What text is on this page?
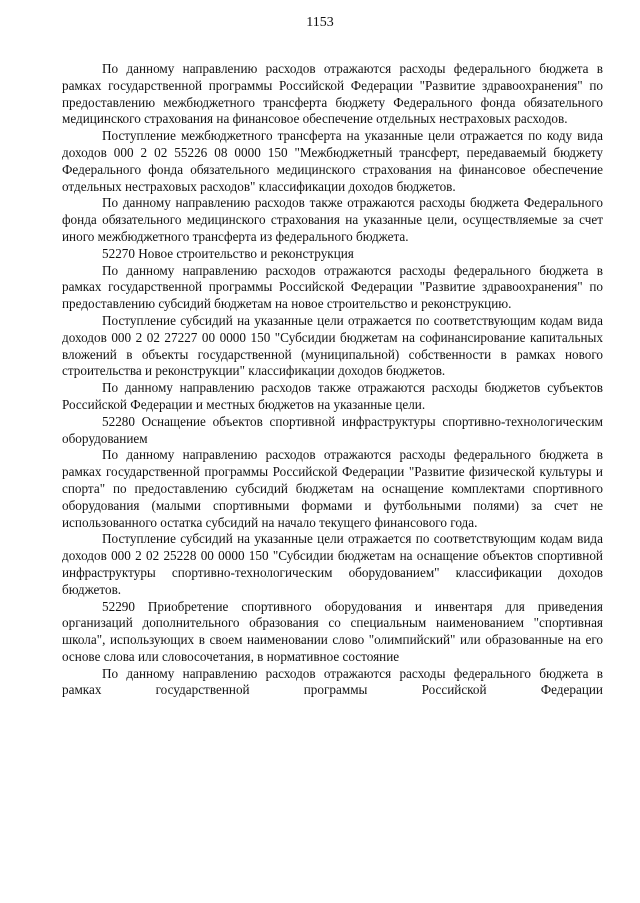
1153

По данному направлению расходов отражаются расходы федерального бюджета в рамках государственной программы Российской Федерации "Развитие здравоохранения" по предоставлению межбюджетного трансферта бюджету Федерального фонда обязательного медицинского страхования на финансовое обеспечение отдельных нестраховых расходов.

Поступление межбюджетного трансферта на указанные цели отражается по коду вида доходов 000 2 02 55226 08 0000 150 "Межбюджетный трансферт, передаваемый бюджету Федерального фонда обязательного медицинского страхования на финансовое обеспечение отдельных нестраховых расходов" классификации доходов бюджетов.

По данному направлению расходов также отражаются расходы бюджета Федерального фонда обязательного медицинского страхования на указанные цели, осуществляемые за счет иного межбюджетного трансферта из федерального бюджета.

52270 Новое строительство и реконструкция

По данному направлению расходов отражаются расходы федерального бюджета в рамках государственной программы Российской Федерации "Развитие здравоохранения" по предоставлению субсидий бюджетам на новое строительство и реконструкцию.

Поступление субсидий на указанные цели отражается по соответствующим кодам вида доходов 000 2 02 27227 00 0000 150 "Субсидии бюджетам на софинансирование капитальных вложений в объекты государственной (муниципальной) собственности в рамках нового строительства и реконструкции" классификации доходов бюджетов.

По данному направлению расходов также отражаются расходы бюджетов субъектов Российской Федерации и местных бюджетов на указанные цели.

52280 Оснащение объектов спортивной инфраструктуры спортивно-технологическим оборудованием

По данному направлению расходов отражаются расходы федерального бюджета в рамках государственной программы Российской Федерации "Развитие физической культуры и спорта" по предоставлению субсидий бюджетам на оснащение комплектами спортивного оборудования (малыми спортивными формами и футбольными полями) за счет не использованного остатка субсидий на начало текущего финансового года.

Поступление субсидий на указанные цели отражается по соответствующим кодам вида доходов 000 2 02 25228 00 0000 150 "Субсидии бюджетам на оснащение объектов спортивной инфраструктуры спортивно-технологическим оборудованием" классификации доходов бюджетов.

52290 Приобретение спортивного оборудования и инвентаря для приведения организаций дополнительного образования со специальным наименованием "спортивная школа", использующих в своем наименовании слово "олимпийский" или образованные на его основе слова или словосочетания, в нормативное состояние

По данному направлению расходов отражаются расходы федерального бюджета в рамках государственной программы Российской Федерации
